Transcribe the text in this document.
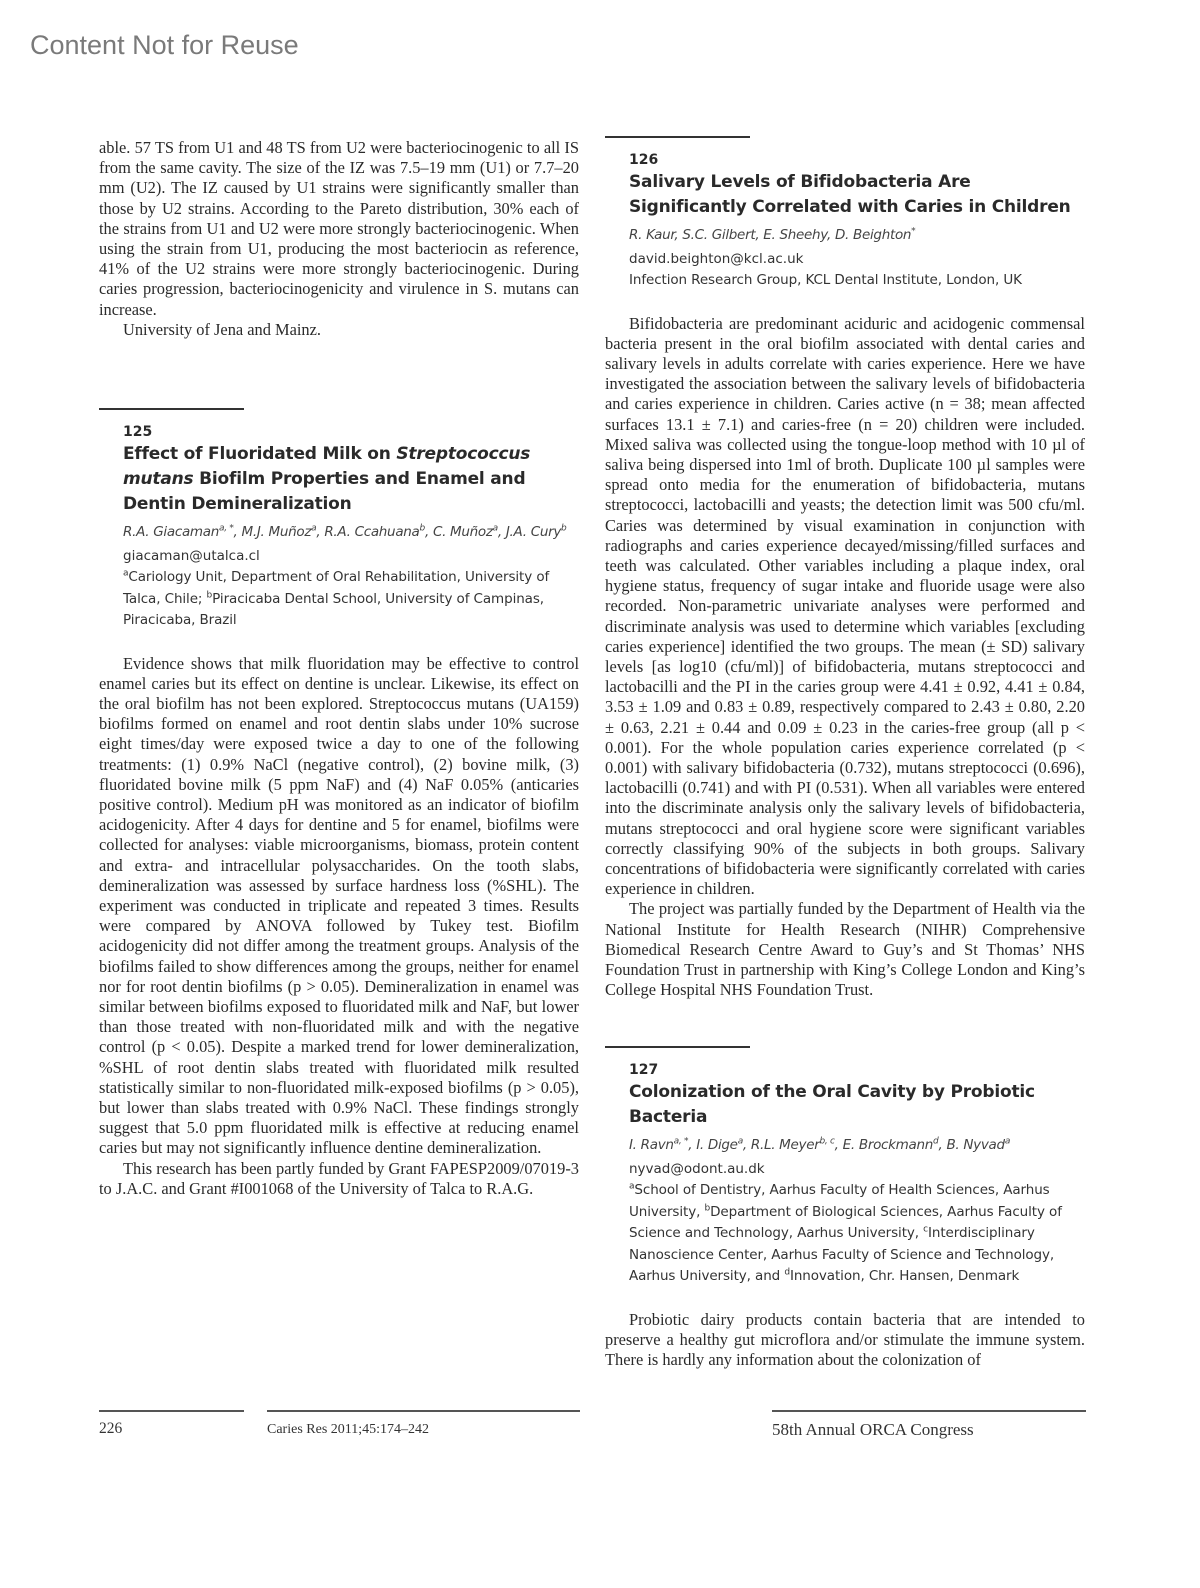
Content Not for Reuse

able. 57 TS from U1 and 48 TS from U2 were bacteriocinogenic to all IS from the same cavity. The size of the IZ was 7.5–19 mm (U1) or 7.7–20 mm (U2). The IZ caused by U1 strains were significantly smaller than those by U2 strains. According to the Pareto distribution, 30% each of the strains from U1 and U2 were more strongly bacteriocinogenic. When using the strain from U1, producing the most bacteriocin as reference, 41% of the U2 strains were more strongly bacteriocinogenic. During caries progression, bacteriocinogenicity and virulence in S. mutans can increase.

University of Jena and Mainz.

125
Effect of Fluoridated Milk on Streptococcus mutans Biofilm Properties and Enamel and Dentin Demineralization
R.A. Giacaman$^{a, *}$, M.J. Muñoz$^a$, R.A. Ccahuana$^b$, C. Muñoz$^a$, J.A. Cury$^b$
giacaman@utalca.cl
$^a$Cariology Unit, Department of Oral Rehabilitation, University of Talca, Chile; $^b$Piracicaba Dental School, University of Campinas, Piracicaba, Brazil

Evidence shows that milk fluoridation may be effective to control enamel caries but its effect on dentine is unclear. Likewise, its effect on the oral biofilm has not been explored. Streptococcus mutans (UA159) biofilms formed on enamel and root dentin slabs under 10% sucrose eight times/day were exposed twice a day to one of the following treatments: (1) 0.9% NaCl (negative control), (2) bovine milk, (3) fluoridated bovine milk (5 ppm NaF) and (4) NaF 0.05% (anticaries positive control). Medium pH was monitored as an indicator of biofilm acidogenicity. After 4 days for dentine and 5 for enamel, biofilms were collected for analyses: viable microorganisms, biomass, protein content and extra- and intracellular polysaccharides. On the tooth slabs, demineralization was assessed by surface hardness loss (%SHL). The experiment was conducted in triplicate and repeated 3 times. Results were compared by ANOVA followed by Tukey test. Biofilm acidogenicity did not differ among the treatment groups. Analysis of the biofilms failed to show differences among the groups, neither for enamel nor for root dentin biofilms (p > 0.05). Demineralization in enamel was similar between biofilms exposed to fluoridated milk and NaF, but lower than those treated with non-fluoridated milk and with the negative control (p < 0.05). Despite a marked trend for lower demineralization, %SHL of root dentin slabs treated with fluoridated milk resulted statistically similar to non-fluoridated milk-exposed biofilms (p > 0.05), but lower than slabs treated with 0.9% NaCl. These findings strongly suggest that 5.0 ppm fluoridated milk is effective at reducing enamel caries but may not significantly influence dentine demineralization.

This research has been partly funded by Grant FAPESP2009/07019-3 to J.A.C. and Grant #I001068 of the University of Talca to R.A.G.

126
Salivary Levels of Bifidobacteria Are Significantly Correlated with Caries in Children
R. Kaur, S.C. Gilbert, E. Sheehy, D. Beighton*
david.beighton@kcl.ac.uk
Infection Research Group, KCL Dental Institute, London, UK

Bifidobacteria are predominant aciduric and acidogenic commensal bacteria present in the oral biofilm associated with dental caries and salivary levels in adults correlate with caries experience. Here we have investigated the association between the salivary levels of bifidobacteria and caries experience in children. Caries active (n = 38; mean affected surfaces 13.1 ± 7.1) and caries-free (n = 20) children were included. Mixed saliva was collected using the tongue-loop method with 10 µl of saliva being dispersed into 1ml of broth. Duplicate 100 µl samples were spread onto media for the enumeration of bifidobacteria, mutans streptococci, lactobacilli and yeasts; the detection limit was 500 cfu/ml. Caries was determined by visual examination in conjunction with radiographs and caries experience decayed/missing/filled surfaces and teeth was calculated. Other variables including a plaque index, oral hygiene status, frequency of sugar intake and fluoride usage were also recorded. Non-parametric univariate analyses were performed and discriminate analysis was used to determine which variables [excluding caries experience] identified the two groups. The mean (± SD) salivary levels [as log10 (cfu/ml)] of bifidobacteria, mutans streptococci and lactobacilli and the PI in the caries group were 4.41 ± 0.92, 4.41 ± 0.84, 3.53 ± 1.09 and 0.83 ± 0.89, respectively compared to 2.43 ± 0.80, 2.20 ± 0.63, 2.21 ± 0.44 and 0.09 ± 0.23 in the caries-free group (all p < 0.001). For the whole population caries experience correlated (p < 0.001) with salivary bifidobacteria (0.732), mutans streptococci (0.696), lactobacilli (0.741) and with PI (0.531). When all variables were entered into the discriminate analysis only the salivary levels of bifidobacteria, mutans streptococci and oral hygiene score were significant variables correctly classifying 90% of the subjects in both groups. Salivary concentrations of bifidobacteria were significantly correlated with caries experience in children.

The project was partially funded by the Department of Health via the National Institute for Health Research (NIHR) Comprehensive Biomedical Research Centre Award to Guy’s and St Thomas’ NHS Foundation Trust in partnership with King’s College London and King’s College Hospital NHS Foundation Trust.

127
Colonization of the Oral Cavity by Probiotic Bacteria
I. Ravn$^{a, *}$, I. Dige$^a$, R.L. Meyer$^{b, c}$, E. Brockmann$^d$, B. Nyvad$^a$
nyvad@odont.au.dk
$^a$School of Dentistry, Aarhus Faculty of Health Sciences, Aarhus University, $^b$Department of Biological Sciences, Aarhus Faculty of Science and Technology, Aarhus University, $^c$Interdisciplinary Nanoscience Center, Aarhus Faculty of Science and Technology, Aarhus University, and $^d$Innovation, Chr. Hansen, Denmark

Probiotic dairy products contain bacteria that are intended to preserve a healthy gut microflora and/or stimulate the immune system. There is hardly any information about the colonization of

226	Caries Res 2011;45:174–242	58th Annual ORCA Congress
